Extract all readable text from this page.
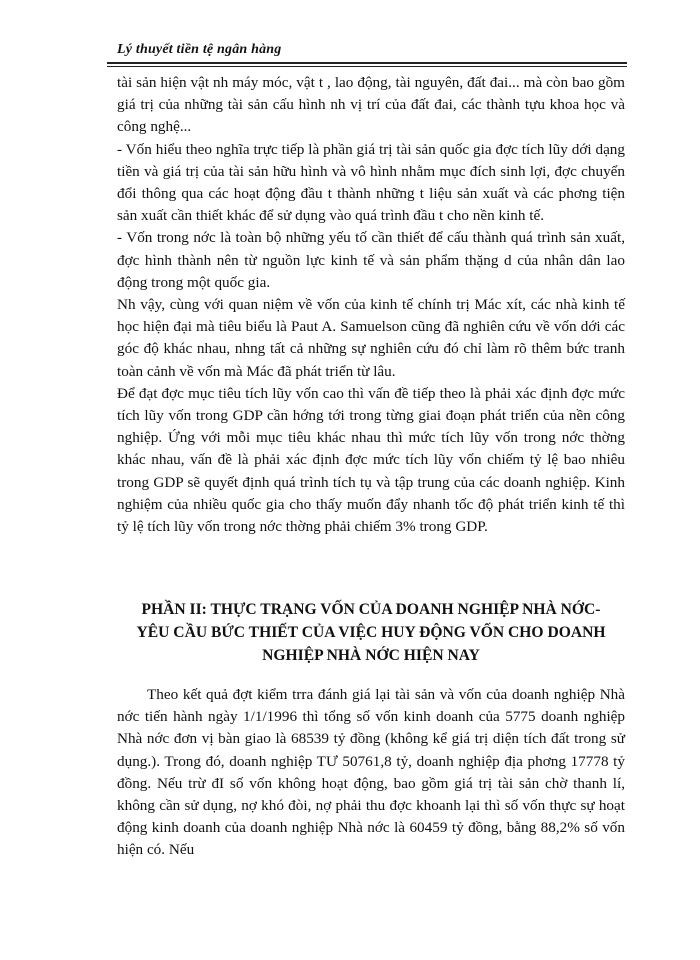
Lý thuyết tiền tệ ngân hàng

tài sản hiện vật nh máy móc, vật t , lao động, tài nguyên, đất đai... mà còn bao gồm giá trị của những tài sản cấu hình nh vị trí của đất đai, các thành tựu khoa học và công nghệ...

- Vốn hiểu theo nghĩa trực tiếp là phần giá trị tài sản quốc gia đợc tích lũy dới dạng tiền và giá trị của tài sản hữu hình và vô hình nhằm mục đích sinh lợi, đợc chuyển đổi thông qua các hoạt động đầu t thành những t liệu sản xuất và các phơng tiện sản xuất cần thiết khác để sử dụng vào quá trình đầu t cho nền kinh tế.

- Vốn trong nớc là toàn bộ những yếu tố cần thiết để cấu thành quá trình sản xuất, đợc hình thành nên từ nguồn lực kinh tế và sản phẩm thặng d của nhân dân lao động trong một quốc gia.

Nh vậy, cùng với quan niệm về vốn của kinh tế chính trị Mác xít, các nhà kinh tế học hiện đại mà tiêu biểu là Paut A. Samuelson cũng đã nghiên cứu về vốn dới các góc độ khác nhau, nhng tất cả những sự nghiên cứu đó chỉ làm rõ thêm bức tranh toàn cảnh về vốn mà Mác đã phát triển từ lâu.

Để đạt đợc mục tiêu tích lũy vốn cao thì vấn đề tiếp theo là phải xác định đợc mức tích lũy vốn trong GDP cần hớng tới trong từng giai đoạn phát triển của nền công nghiệp. Ứng với mỗi mục tiêu khác nhau thì mức tích lũy vốn trong nớc thờng khác nhau, vấn đề là phải xác định đợc mức tích lũy vốn chiếm tỷ lệ bao nhiêu trong GDP sẽ quyết định quá trình tích tụ và tập trung của các doanh nghiệp. Kinh nghiệm của nhiều quốc gia cho thấy muốn đẩy nhanh tốc độ phát triển kinh tế thì tỷ lệ tích lũy vốn trong nớc thờng phải chiếm 3% trong GDP.

PHẦN II: THỰC TRẠNG VỐN CỦA DOANH NGHIỆP NHÀ NỚC-
YÊU CẦU BỨC THIẾT CỦA VIỆC HUY ĐỘNG VỐN CHO DOANH
NGHIỆP NHÀ NỚC HIỆN NAY

Theo kết quả đợt kiểm trra đánh giá lại tài sản và vốn của doanh nghiệp Nhà nớc tiến hành ngày 1/1/1996 thì tổng số vốn kinh doanh của 5775 doanh nghiệp Nhà nớc đơn vị bàn giao là 68539 tỷ đồng (không kể giá trị diện tích đất trong sử dụng.). Trong đó, doanh nghiệp TƯ 50761,8 tỷ, doanh nghiệp địa phơng 17778 tỷ đồng. Nếu trừ đI số vốn không hoạt động, bao gồm giá trị tài sản chờ thanh lí, không cần sử dụng, nợ khó đòi, nợ phải thu đợc khoanh lại thì số vốn thực sự hoạt động kinh doanh của doanh nghiệp Nhà nớc là 60459 tỷ đồng, bằng 88,2% số vốn hiện có. Nếu
